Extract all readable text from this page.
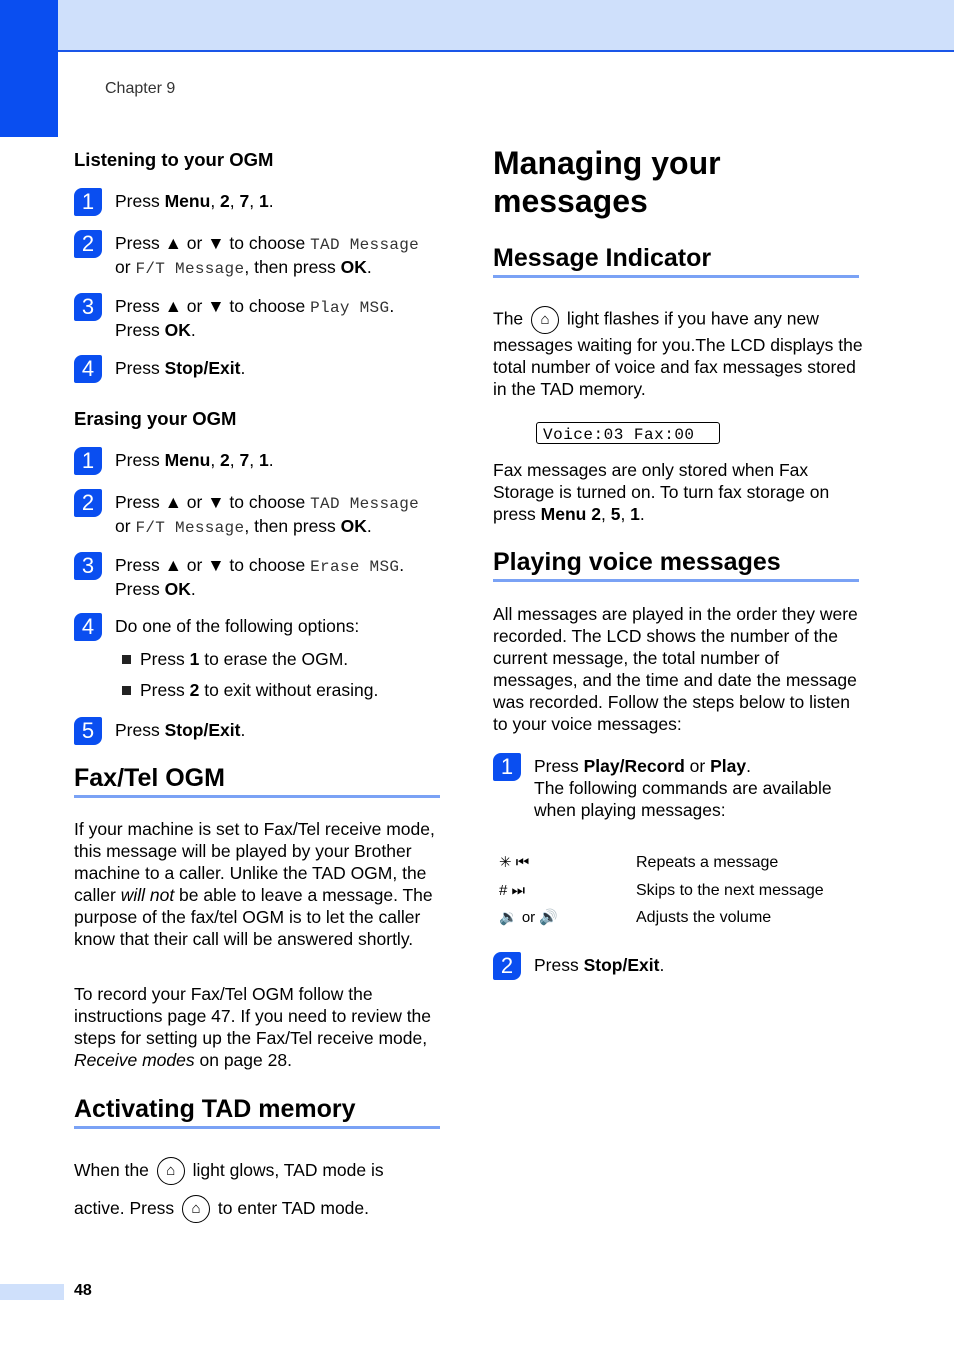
Chapter 9
Listening to your OGM
1	Press Menu, 2, 7, 1.
2	Press ▲ or ▼ to choose TAD Message
or F/T Message, then press OK.
3	Press ▲ or ▼ to choose Play MSG.
Press OK.
4	Press Stop/Exit.
Erasing your OGM
1	Press Menu, 2, 7, 1.
2	Press ▲ or ▼ to choose TAD Message
or F/T Message, then press OK.
3	Press ▲ or ▼ to choose Erase MSG.
Press OK.
4	Do one of the following options:
Press 1 to erase the OGM.
Press 2 to exit without erasing.
5	Press Stop/Exit.
Fax/Tel OGM
If your machine is set to Fax/Tel receive mode, this message will be played by your Brother machine to a caller. Unlike the TAD OGM, the caller will not be able to leave a message. The purpose of the fax/tel OGM is to let the caller know that their call will be answered shortly.
To record your Fax/Tel OGM follow the instructions page 47. If you need to review the steps for setting up the Fax/Tel receive mode, Receive modes on page 28.
Activating TAD memory
When the ⌂ light glows, TAD mode is
active. Press ⌂ to enter TAD mode.
Managing your messages
Message Indicator
The ⌂ light flashes if you have any new messages waiting for you.The LCD displays the total number of voice and fax messages stored in the TAD memory.
Voice:03 Fax:00
Fax messages are only stored when Fax Storage is turned on. To turn fax storage on press Menu 2, 5, 1.
Playing voice messages
All messages are played in the order they were recorded. The LCD shows the number of the current message, the total number of messages, and the time and date the message was recorded. Follow the steps below to listen to your voice messages:
1	Press Play/Record or Play.
The following commands are available when playing messages:
✳ ⏮	Repeats a message
# ⏭	Skips to the next message
🔉 or 🔊	Adjusts the volume
2	Press Stop/Exit.
48
